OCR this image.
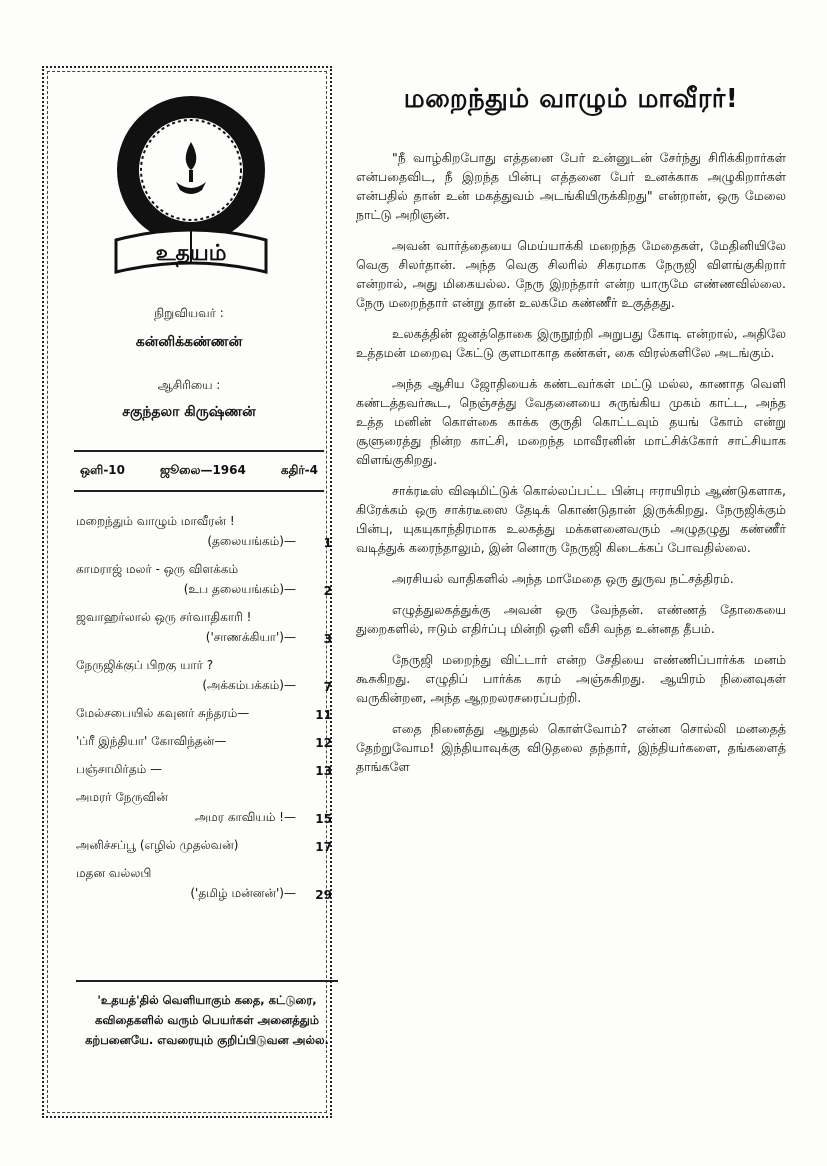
உதயம்
நிறுவியவர் :
கன்னிக்கண்ணன்
ஆசிரியை :
சகுந்தலா கிருஷ்ணன்
ஒளி-10	ஜூலை—1964	கதிர்-4
மறைந்தும் வாழும் மாவீரன் !
(தலையங்கம்)—	1
காமராஜ் மலர் - ஒரு விளக்கம்
(உப தலையங்கம்)—	2
ஜவாஹர்லால் ஒரு சர்வாதிகாரி !
('சாணக்கியா')—	3
நேருஜிக்குப் பிறகு யார் ?
(அக்கம்பக்கம்)—	7
மேல்சபையில் கவுனர் சுந்தரம்—	11
'ப்ரீ இந்தியா' கோவிந்தன்—	12
பஞ்சாமிர்தம் —	13
அமரர் நேருவின்
அமர காவியம் !—	15
அனிச்சப்பூ (எழில் முதல்வன்)	17
மதன வல்லபி
('தமிழ் மன்னன்')—	29
'உதயத்'தில் வெளியாகும் கதை, கட்டுரை, கவிதைகளில் வரும் பெயர்கள் அனைத்தும் கற்பனையே. எவரையும் குறிப்பிடுவன அல்ல.
மறைந்தும் வாழும் மாவீரர்!

"நீ வாழ்கிறபோது எத்தனை பேர் உன்னுடன் சேர்ந்து சிரிக்கிறார்கள் என்பதைவிட, நீ இறந்த பின்பு எத்தனை பேர் உனக்காக அழுகிறார்கள் என்பதில் தான் உன் மகத்துவம் அடங்கியிருக்கிறது" என்றான், ஒரு மேலை நாட்டு அறிஞன்.

அவன் வார்த்தையை மெய்யாக்கி மறைந்த மேதைகள், மேதினியிலே வெகு சிலர்தான். அந்த வெகு சிலரில் சிகரமாக நேருஜி விளங்குகிறார் என்றால், அது மிகையல்ல. நேரு இறந்தார் என்ற யாருமே எண்ணவில்லை. நேரு மறைந்தார் என்று தான் உலகமே கண்ணீர் உகுத்தது.

உலகத்தின் ஜனத்தொகை இருநூற்றி அறுபது கோடி என்றால், அதிலே உத்தமன் மறைவு கேட்டு குளமாகாத கண்கள், கை விரல்களிலே அடங்கும்.

அந்த ஆசிய ஜோதியைக் கண்டவர்கள் மட்டு மல்ல, காணாத வெளி கண்டத்தவர்கூட, நெஞ்சத்து வேதனையை சுருங்கிய முகம் காட்ட, அந்த உத்த மனின் கொள்கை காக்க குருதி கொட்டவும் தயங் கோம் என்று சூளுரைத்து நின்ற காட்சி, மறைந்த மாவீரனின் மாட்சிக்கோர் சாட்சியாக விளங்குகிறது.

சாக்ரடீஸ் விஷமிட்டுக் கொல்லப்பட்ட பின்பு ஈராயிரம் ஆண்டுகளாக, கிரேக்கம் ஒரு சாக்ரடீஸை தேடிக் கொண்டுதான் இருக்கிறது. நேருஜிக்கும் பின்பு, யுகயுகாந்திரமாக உலகத்து மக்களனைவரும் அழுதழுது கண்ணீர் வடித்துக் கரைந்தாலும், இன் னொரு நேருஜி கிடைக்கப் போவதில்லை.

அரசியல் வாதிகளில் அந்த மாமேதை ஒரு துருவ நட்சத்திரம்.

எழுத்துலகத்துக்கு அவன் ஒரு வேந்தன். எண்ணத் தோகையை துறைகளில், ஈடும் எதிர்ப்பு மின்றி ஒளி வீசி வந்த உன்னத தீபம்.

நேருஜி மறைந்து விட்டார் என்ற சேதியை எண்ணிப்பார்க்க மனம் கூசுகிறது. எழுதிப் பார்க்க கரம் அஞ்சுகிறது. ஆயிரம் நினைவுகள் வருகின்றன, அந்த ஆறறலரசரைப்பற்றி.

எதை நினைத்து ஆறுதல் கொள்வோம்? என்ன சொல்லி மனதைத் தேற்றுவோம! இந்தியாவுக்கு விடுதலை தந்தார், இந்தியர்களை, தங்களைத் தாங்களே
